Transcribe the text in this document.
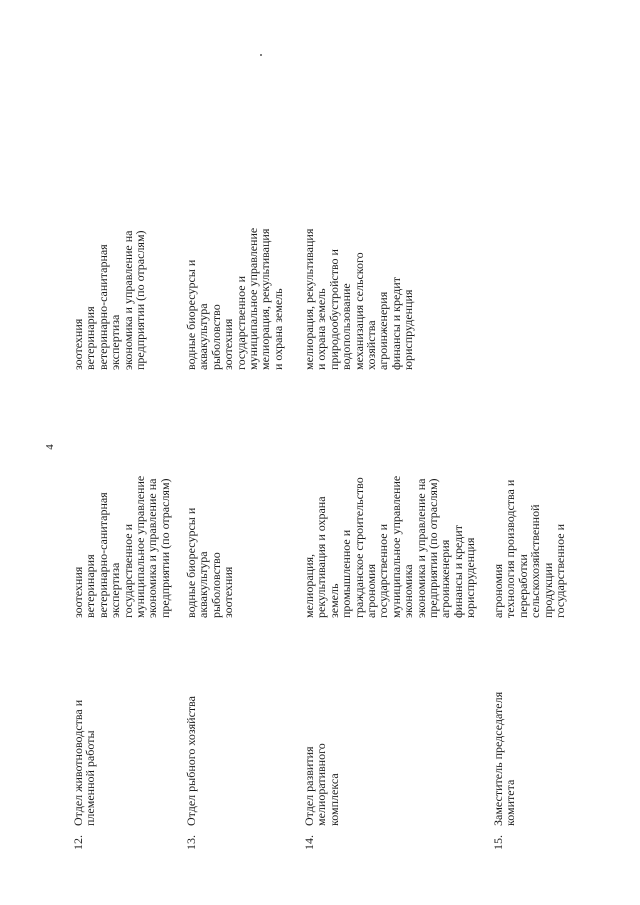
4
12.
Отдел животноводства и
племенной работы
зоотехния
ветеринария
ветеринарно-санитарная
экспертиза
государственное и
муниципальное управление
экономика и управление на
предприятии (по отраслям)
зоотехния
ветеринария
ветеринарно-санитарная
экспертиза
экономика и управление на
предприятии (по отраслям)
13.
Отдел рыбного хозяйства
водные биоресурсы и
аквакультура
рыболовство
зоотехния
водные биоресурсы и
аквакультура
рыболовство
зоотехния
государственное и
муниципальное управление
мелиорация, рекультивация
и охрана земель
14.
Отдел развития
мелиоративного
комплекса
мелиорация,
рекультивация и охрана
земель
промышленное и
гражданское строительство
агрономия
государственное и
муниципальное управление
экономика
экономика и управление на
предприятии (по отраслям)
агроинженерия
финансы и кредит
юриспруденция
мелиорация, рекультивация
и охрана земель
природообустройство и
водопользование
механизация сельского
хозяйства
агроинженерия
финансы и кредит
юриспруденция
15.
Заместитель председателя
комитета
агрономия
технология производства и
переработки
сельскохозяйственной
продукции
государственное и
